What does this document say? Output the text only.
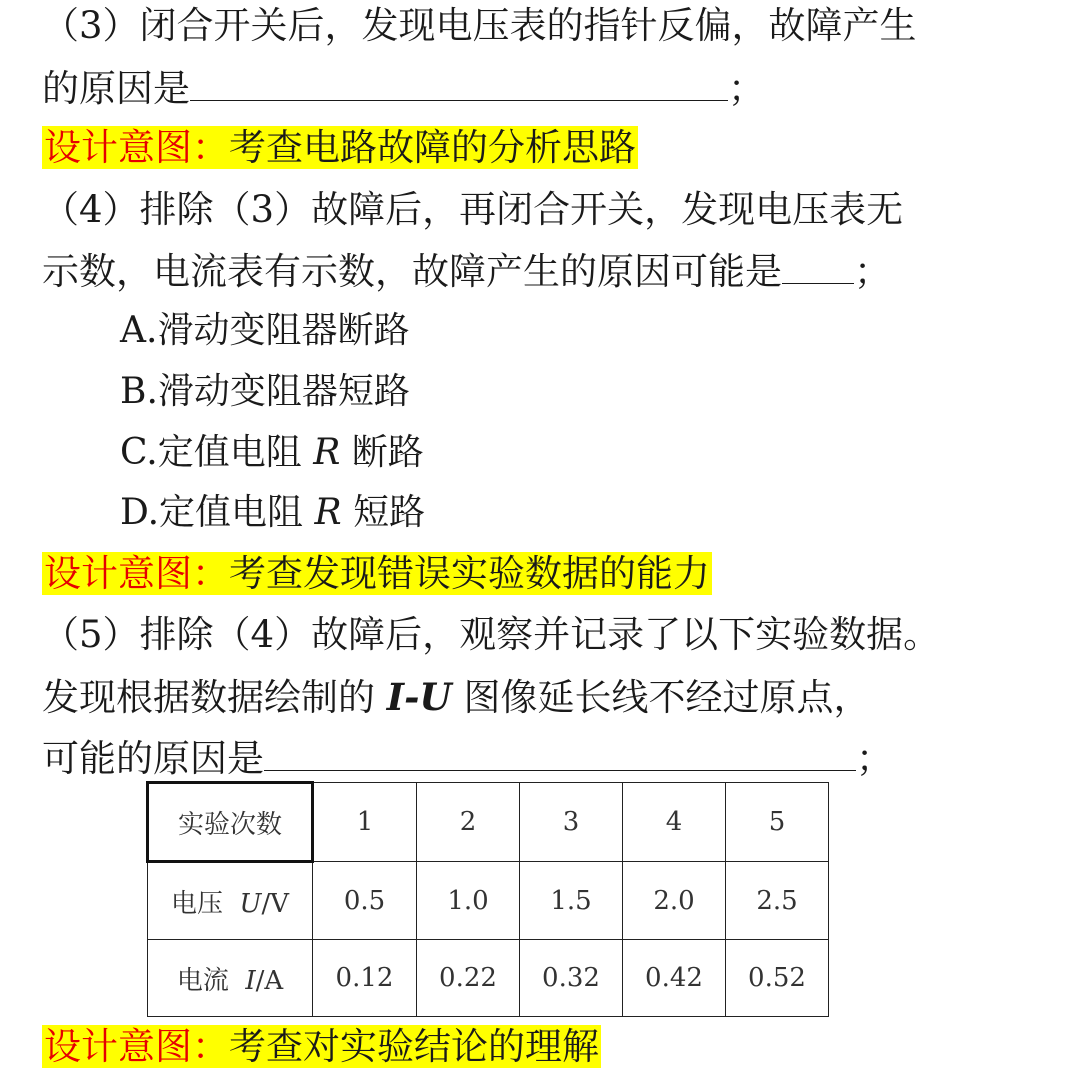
（3）闭合开关后，发现电压表的指针反偏，故障产生
的原因是	；
设计意图：考查电路故障的分析思路
（4）排除（3）故障后，再闭合开关，发现电压表无
示数，电流表有示数，故障产生的原因可能是 ；
A.滑动变阻器断路
B.滑动变阻器短路
C.定值电阻 R 断路
D.定值电阻 R 短路
设计意图：考查发现错误实验数据的能力
（5）排除（4）故障后，观察并记录了以下实验数据。
发现根据数据绘制的 I-U 图像延长线不经过原点，
可能的原因是	；
实验次数	1	2	3	4	5
电压 U/V	0.5	1.0	1.5	2.0	2.5
电流 I/A	0.12	0.22	0.32	0.42	0.52
设计意图：考查对实验结论的理解
